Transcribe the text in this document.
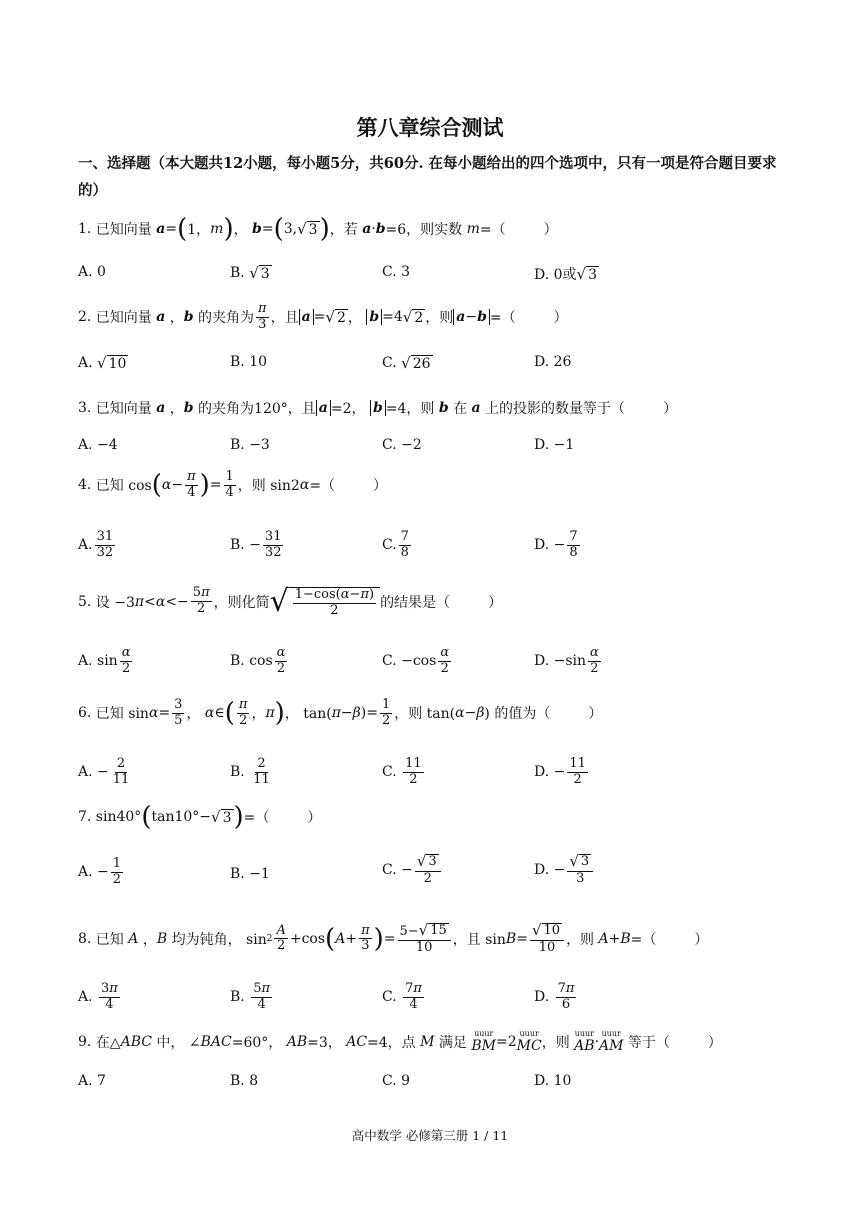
第八章综合测试
一、选择题（本大题共12小题，每小题5分，共60分. 在每小题给出的四个选项中，只有一项是符合题目要求的）
1. 已知向量 a = ( 1， m ) ， b = ( 3, √ 3 ) ，若 a · b =6，则实数 m =（	）
A. 0	B.
√ 3	C. 3	D. 0或 √ 3
2. 已知向量 a ， b 的夹角为 $\frac{\pi}{3}$ ，且 a = √ 2 ， b =4 √ 2 ，则 a−b =（	）
A.
√ 10	B. 10	C.
√ 26	D. 26
3. 已知向量 a ， b 的夹角为120°，且 a =2， b =4，则 b 在 a 上的投影的数量等于（	）
A. −4	B. −3	C. −2	D. −1
4. 已知 cos ( $\alpha - \frac{\pi}{4}$ ) = $\frac{1}{4}$ ，则 sin2 α =（	）
A. $\frac{31}{32}$	B. − $\frac{31}{32}$	C. $\frac{7}{8}$	D. − $\frac{7}{8}$
5. 设 −3 $\pi < \alpha <- \frac{5\pi}{2}$ ，则化简 √ $\frac{1-\cos(\alpha-\pi)}{2}$ 的结果是（	）
A. $\sin \frac{\alpha}{2}$	B. $\cos \frac{\alpha}{2}$	C. $-\cos \frac{\alpha}{2}$	D. $-\sin \frac{\alpha}{2}$
6. 已知 $\sin \alpha = \frac{3}{5}$ ， α ∈ ( $\frac{\pi}{2}$ ， π ) ， tan( π − β )= $\frac{1}{2}$ ，则 tan( α − β ) 的值为（	）
A. − $\frac{2}{11}$	B.
$\frac{2}{11}$	C.
$\frac{11}{2}$	D. − $\frac{11}{2}$
7. sin40° ( tan10°− √ 3 ) =（	）
A. − $\frac{1}{2}$	B. −1	C. − $\frac{√ 3}{2}$	D. − $\frac{√ 3}{3}$
8. 已知 A ， B 均为钝角， $\sin 2 \frac{A}{2} +\cos$ ( $A + \frac{\pi}{3}$ ) = $\frac{5- √ 15}{10}$ ，且 $\sin B = \frac{√ 10}{10}$ ，则 A + B =（	）
A.
$\frac{3\pi}{4}$	B.
$\frac{5\pi}{4}$	C.
$\frac{7\pi}{4}$	D.
$\frac{7\pi}{6}$
9. 在△ ABC 中， ∠ BAC =60°， AB =3， AC =4，点 M 满足
uuur
BM =2
uuur
MC ，则
uuur
AB ·
uuur
AM 等于（	）
A. 7	B. 8	C. 9	D. 10
高中数学 必修第三册 1 / 11
